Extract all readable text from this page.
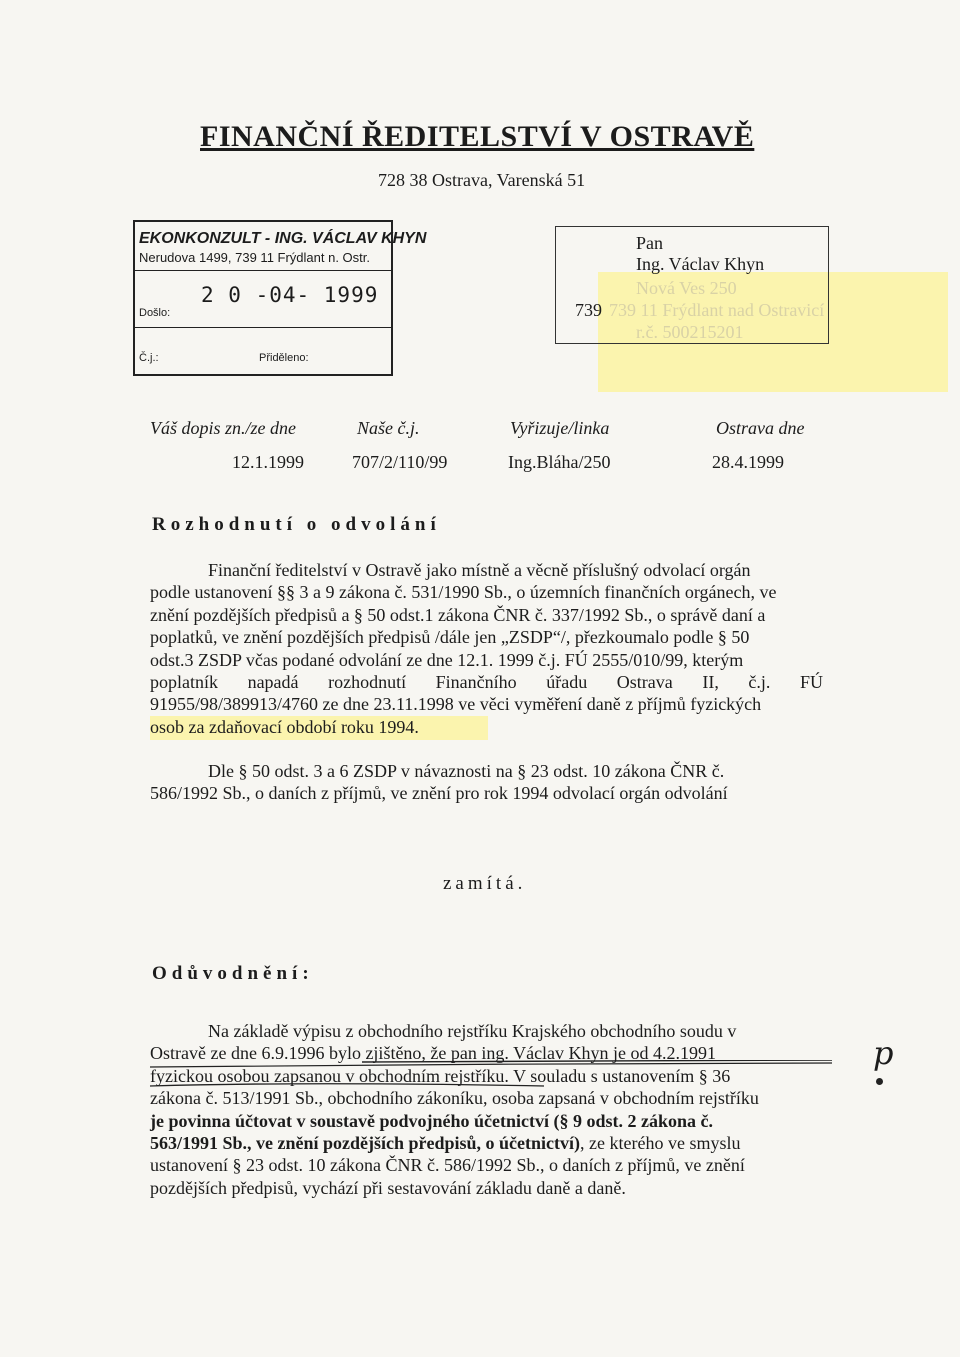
FINANČNÍ ŘEDITELSTVÍ V OSTRAVĚ
728 38 Ostrava, Varenská 51
EKONKONZULT - ING. VÁCLAV KHYN
Nerudova 1499, 739 11 Frýdlant n. Ostr.
Došlo:
2 0 -04- 1999
Č.j.:	Přiděleno:
Pan
Ing. Václav Khyn
Nová Ves 250
739 739 11 Frýdlant nad Ostravicí
r.č. 500215201
Váš dopis zn./ze dne	Naše č.j.	Vyřizuje/linka	Ostrava dne
12.1.1999	707/2/110/99	Ing.Bláha/250	28.4.1999
Rozhodnutí o odvolání
Finanční ředitelství v Ostravě jako místně a věcně příslušný odvolací orgán
podle ustanovení §§ 3 a 9 zákona č. 531/1990 Sb., o územních finančních orgánech, ve
znění pozdějších předpisů a § 50 odst.1 zákona ČNR č. 337/1992 Sb., o správě daní a
poplatků, ve znění pozdějších předpisů /dále jen „ZSDP“/, přezkoumalo podle § 50
odst.3 ZSDP včas podané odvolání ze dne 12.1. 1999 č.j. FÚ 2555/010/99, kterým
poplatník napadá rozhodnutí Finančního úřadu Ostrava II, č.j. FÚ
91955/98/389913/4760 ze dne 23.11.1998 ve věci vyměření daně z příjmů fyzických
osob za zdaňovací období roku 1994.
Dle § 50 odst. 3 a 6 ZSDP v návaznosti na § 23 odst. 10 zákona ČNR č.
586/1992 Sb., o daních z příjmů, ve znění pro rok 1994 odvolací orgán odvolání
zamítá.
Odůvodnění:
Na základě výpisu z obchodního rejstříku Krajského obchodního soudu v
Ostravě ze dne 6.9.1996 bylo zjištěno, že pan ing. Václav Khyn je od 4.2.1991
fyzickou osobou zapsanou v obchodním rejstříku. V souladu s ustanovením § 36
zákona č. 513/1991 Sb., obchodního zákoníku, osoba zapsaná v obchodním rejstříku
je povinna účtovat v soustavě podvojného účetnictví (§ 9 odst. 2 zákona č.
563/1991 Sb., ve znění pozdějších předpisů, o účetnictví), ze kterého ve smyslu
ustanovení § 23 odst. 10 zákona ČNR č. 586/1992 Sb., o daních z příjmů, ve znění
pozdějších předpisů, vychází při sestavování základu daně a daně.
p
